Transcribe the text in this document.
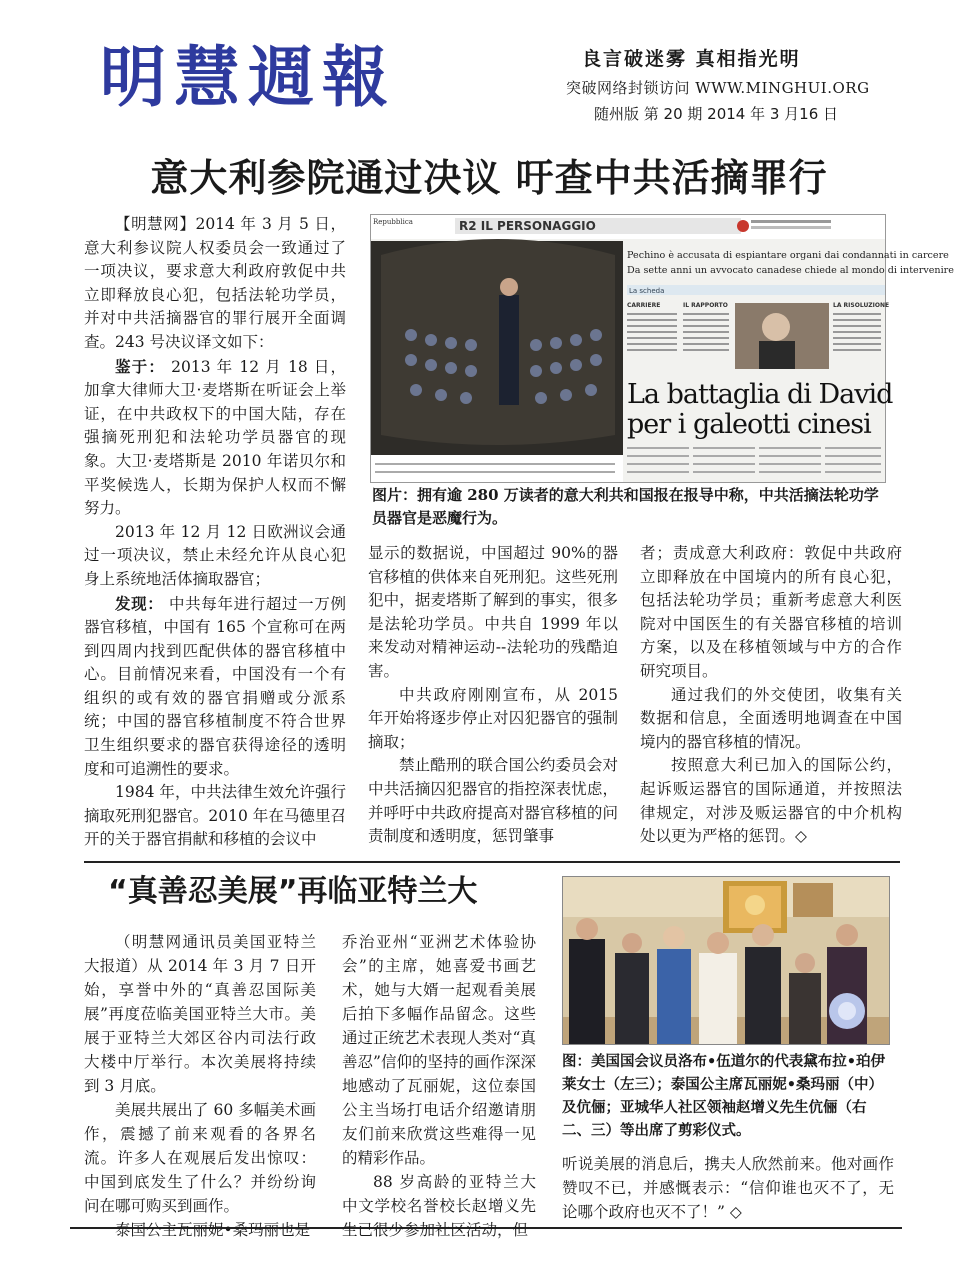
明慧週報	良言破迷雾 真相指光明
突破网络封锁访问 WWW.MINGHUI.ORG
随州版 第 20 期 2014 年 3 月16 日
意大利参院通过决议 吁查中共活摘罪行

【明慧网】2014 年 3 月 5 日，意大利参议院人权委员会一致通过了一项决议，要求意大利政府敦促中共立即释放良心犯，包括法轮功学员，并对中共活摘器官的罪行展开全面调查。243 号决议译文如下：

鉴于： 2013 年 12 月 18 日，加拿大律师大卫·麦塔斯在听证会上举证，在中共政权下的中国大陆，存在强摘死刑犯和法轮功学员器官的现象。大卫·麦塔斯是 2010 年诺贝尔和平奖候选人，长期为保护人权而不懈努力。

2013 年 12 月 12 日欧洲议会通过一项决议，禁止未经允许从良心犯身上系统地活体摘取器官；

发现： 中共每年进行超过一万例器官移植，中国有 165 个宣称可在两到四周内找到匹配供体的器官移植中心。目前情况来看，中国没有一个有组织的或有效的器官捐赠或分派系统；中国的器官移植制度不符合世界卫生组织要求的器官获得途径的透明度和可追溯性的要求。

1984 年，中共法律生效允许强行摘取死刑犯器官。2010 年在马德里召开的关于器官捐献和移植的会议中

Repubblica	R2 IL PERSONAGGIO
Pechino è accusata di espiantare organi dai condannati in carcere
Da sette anni un avvocato canadese chiede al mondo di intervenire
La scheda
CARRIERE	IL RAPPORTO	LA RISOLUZIONE
La battaglia di David
per i galeotti cinesi
图片：拥有逾 280 万读者的意大利共和国报在报导中称，中共活摘法轮功学员器官是恶魔行为。

显示的数据说，中国超过 90%的器官移植的供体来自死刑犯。这些死刑犯中，据麦塔斯了解到的事实，很多是法轮功学员。中共自 1999 年以来发动对精神运动--法轮功的残酷迫害。

中共政府刚刚宣布，从 2015 年开始将逐步停止对囚犯器官的强制摘取；

禁止酷刑的联合国公约委员会对中共活摘囚犯器官的指控深表忧虑，并呼吁中共政府提高对器官移植的问责制度和透明度，惩罚肇事

者；责成意大利政府：敦促中共政府立即释放在中国境内的所有良心犯，包括法轮功学员；重新考虑意大利医院对中国医生的有关器官移植的培训方案，以及在移植领域与中方的合作研究项目。

通过我们的外交使团，收集有关数据和信息，全面透明地调查在中国境内的器官移植的情况。

按照意大利已加入的国际公约，起诉贩运器官的国际通道，并按照法律规定，对涉及贩运器官的中介机构处以更为严格的惩罚。◇

“真善忍美展”再临亚特兰大

（明慧网通讯员美国亚特兰大报道）从 2014 年 3 月 7 日开始，享誉中外的“真善忍国际美展”再度莅临美国亚特兰大市。美展于亚特兰大郊区谷内司法行政大楼中厅举行。本次美展将持续到 3 月底。

美展共展出了 60 多幅美术画作，震撼了前来观看的各界名流。许多人在观展后发出惊叹：中国到底发生了什么？并纷纷询问在哪可购买到画作。

泰国公主瓦丽妮•桑玛丽也是

乔治亚州“亚洲艺术体验协会”的主席，她喜爱书画艺术，她与大婿一起观看美展后拍下多幅作品留念。这些通过正统艺术表现人类对“真善忍”信仰的坚持的画作深深地感动了瓦丽妮，这位泰国公主当场打电话介绍邀请朋友们前来欣赏这些难得一见的精彩作品。

88 岁高龄的亚特兰大中文学校名誉校长赵增义先生已很少参加社区活动，但

图：美国国会议员洛布•伍道尔的代表黛布拉•珀伊莱女士（左三）；泰国公主席瓦丽妮•桑玛丽（中）及伉俪；亚城华人社区领袖赵增义先生伉俪（右二、三）等出席了剪彩仪式。

听说美展的消息后，携夫人欣然前来。他对画作赞叹不已，并感慨表示：“信仰谁也灭不了，无论哪个政府也灭不了！” ◇
